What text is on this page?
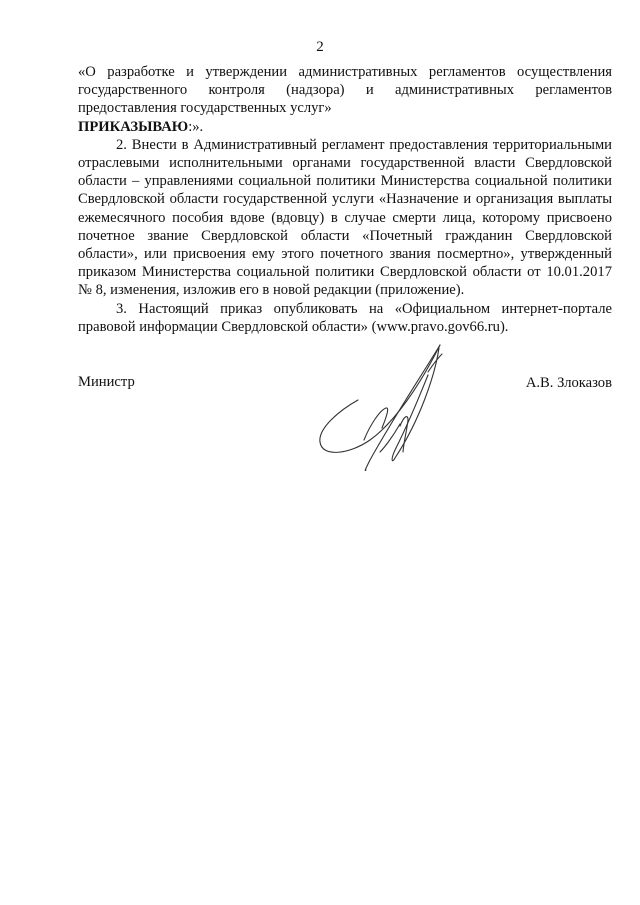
2

«О разработке и утверждении административных регламентов осуществления государственного контроля (надзора) и административных регламентов предоставления государственных услуг»

ПРИКАЗЫВАЮ:».

2. Внести в Административный регламент предоставления территориальными отраслевыми исполнительными органами государственной власти Свердловской области – управлениями социальной политики Министерства социальной политики Свердловской области государственной услуги «Назначение и организация выплаты ежемесячного пособия вдове (вдовцу) в случае смерти лица, которому присвоено почетное звание Свердловской области «Почетный гражданин Свердловской области», или присвоения ему этого почетного звания посмертно», утвержденный приказом Министерства социальной политики Свердловской области от 10.01.2017 № 8, изменения, изложив его в новой редакции (приложение).

3. Настоящий приказ опубликовать на «Официальном интернет-портале правовой информации Свердловской области» (www.pravo.gov66.ru).

Министр	А.В. Злоказов
